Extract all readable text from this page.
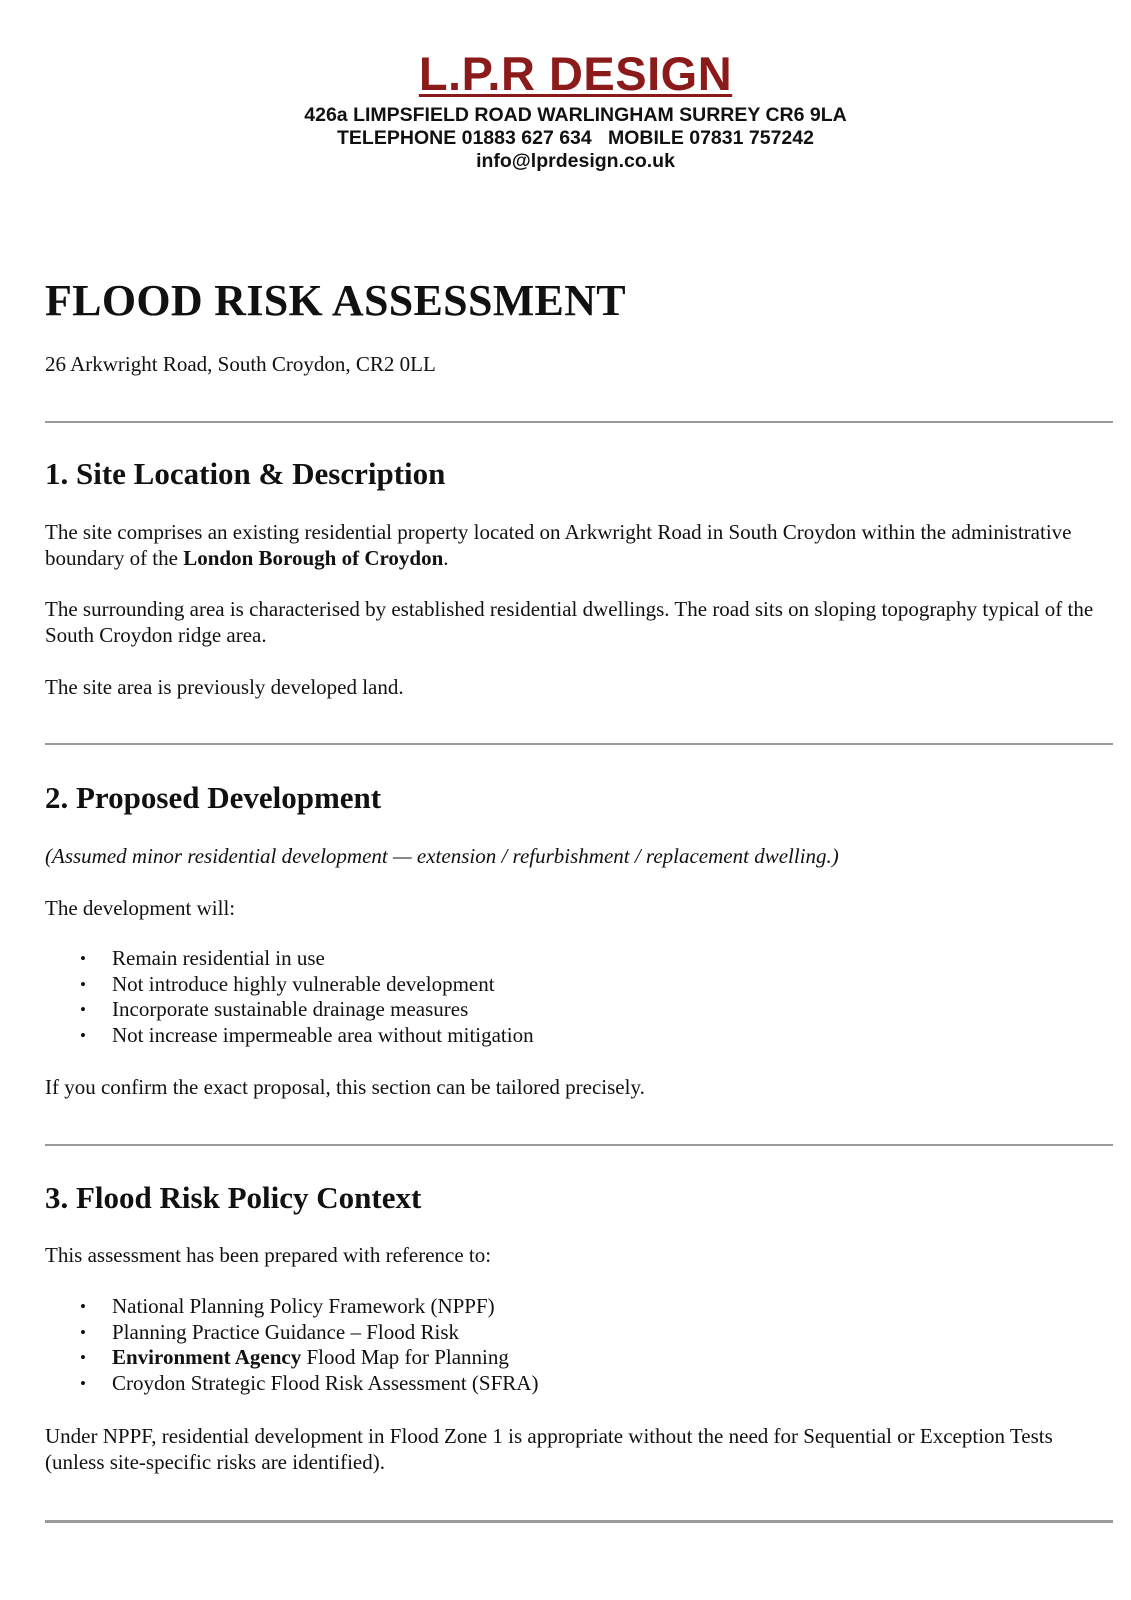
L.P.R DESIGN
426a LIMPSFIELD ROAD WARLINGHAM SURREY CR6 9LA
TELEPHONE 01883 627 634   MOBILE 07831 757242
info@lprdesign.co.uk
FLOOD RISK ASSESSMENT
26 Arkwright Road, South Croydon, CR2 0LL
1. Site Location & Description

The site comprises an existing residential property located on Arkwright Road in South Croydon within the administrative boundary of the London Borough of Croydon.

The surrounding area is characterised by established residential dwellings. The road sits on sloping topography typical of the South Croydon ridge area.

The site area is previously developed land.

2. Proposed Development

(Assumed minor residential development — extension / refurbishment / replacement dwelling.)

The development will:

• Remain residential in use
• Not introduce highly vulnerable development
• Incorporate sustainable drainage measures
• Not increase impermeable area without mitigation

If you confirm the exact proposal, this section can be tailored precisely.

3. Flood Risk Policy Context

This assessment has been prepared with reference to:

• National Planning Policy Framework (NPPF)
• Planning Practice Guidance – Flood Risk
• Environment Agency Flood Map for Planning
• Croydon Strategic Flood Risk Assessment (SFRA)

Under NPPF, residential development in Flood Zone 1 is appropriate without the need for Sequential or Exception Tests (unless site-specific risks are identified).
